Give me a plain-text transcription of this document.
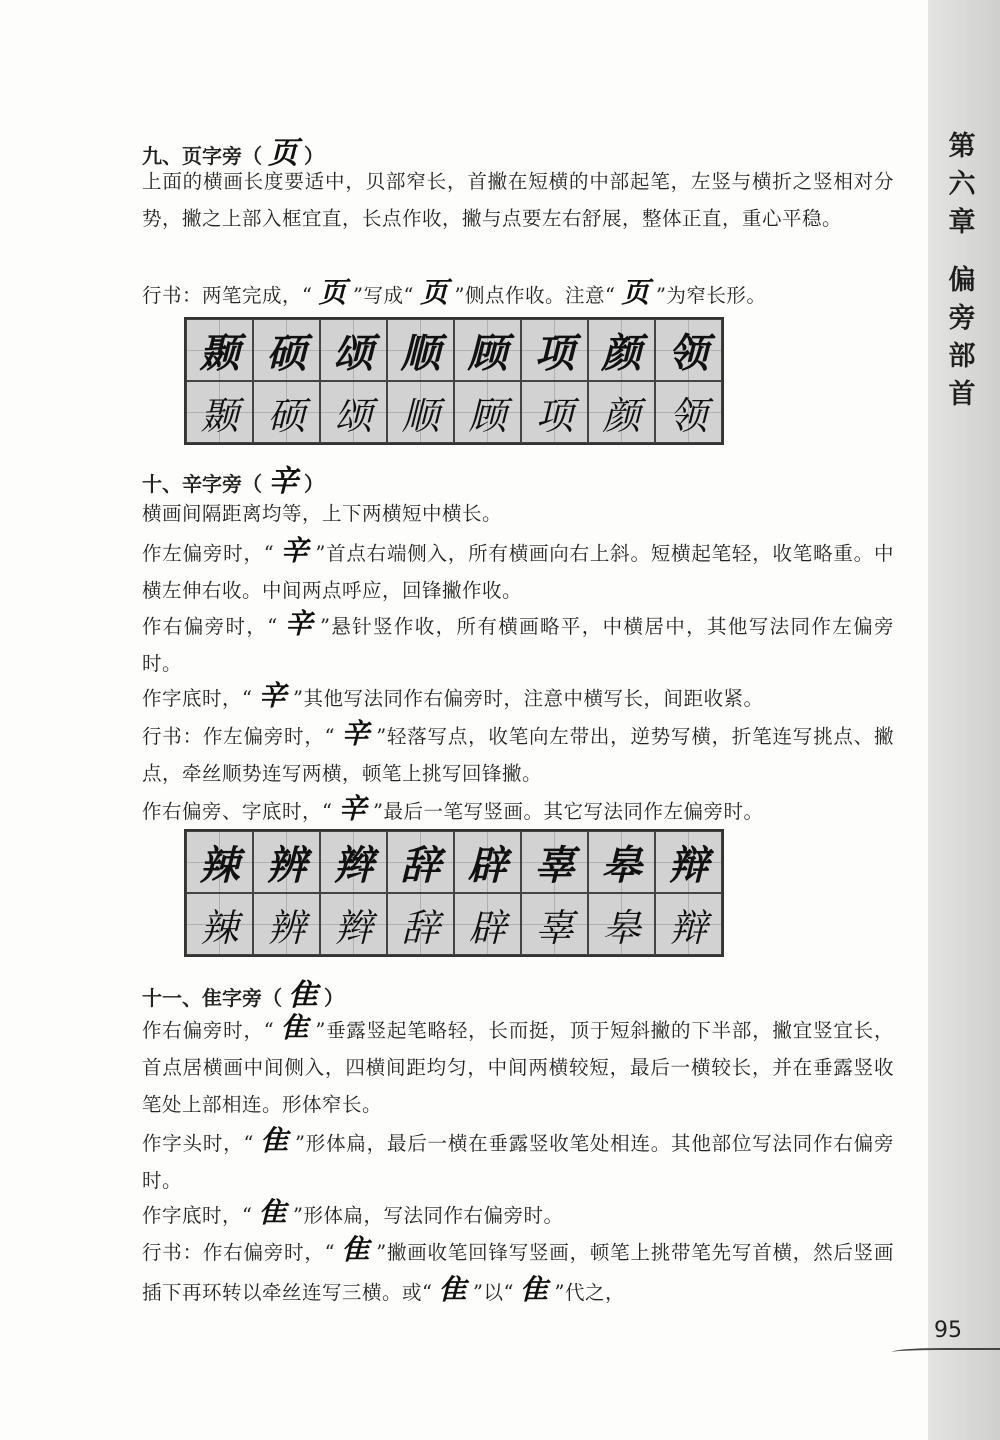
第六章
偏旁部首
九、页字旁（ 页 ）
上面的横画长度要适中，贝部窄长，首撇在短横的中部起笔，左竖与横折之竖相对分势，撇之上部入框宜直，长点作收，撇与点要左右舒展，整体正直，重心平稳。
行书：两笔完成，“ 页 ”写成“ 页 ”侧点作收。注意“ 页 ”为窄长形。
颞 硕 颂 顺 顾 项 颜 领
颞 硕 颂 顺 顾 项 颜 领
十、辛字旁（ 辛 ）
横画间隔距离均等，上下两横短中横长。
作左偏旁时，“ 辛 ”首点右端侧入，所有横画向右上斜。短横起笔轻，收笔略重。中横左伸右收。中间两点呼应，回锋撇作收。
作右偏旁时，“ 辛 ”悬针竖作收，所有横画略平，中横居中，其他写法同作左偏旁时。
作字底时，“ 辛 ”其他写法同作右偏旁时，注意中横写长，间距收紧。
行书：作左偏旁时，“ 辛 ”轻落写点，收笔向左带出，逆势写横，折笔连写挑点、撇点，牵丝顺势连写两横，顿笔上挑写回锋撇。
作右偏旁、字底时，“ 辛 ”最后一笔写竖画。其它写法同作左偏旁时。
辣 辨 辫 辞 辟 辜 皋 辩
辣 辨 辫 辞 辟 辜 皋 辩
十一、隹字旁（ 隹 ）
作右偏旁时，“ 隹 ”垂露竖起笔略轻，长而挺，顶于短斜撇的下半部，撇宜竖宜长，首点居横画中间侧入，四横间距均匀，中间两横较短，最后一横较长，并在垂露竖收笔处上部相连。形体窄长。
作字头时，“ 隹 ”形体扁，最后一横在垂露竖收笔处相连。其他部位写法同作右偏旁时。
作字底时，“ 隹 ”形体扁，写法同作右偏旁时。
行书：作右偏旁时，“ 隹 ”撇画收笔回锋写竖画，顿笔上挑带笔先写首横，然后竖画插下再环转以牵丝连写三横。或“ 隹 ”以“ 隹 ”代之，
95
